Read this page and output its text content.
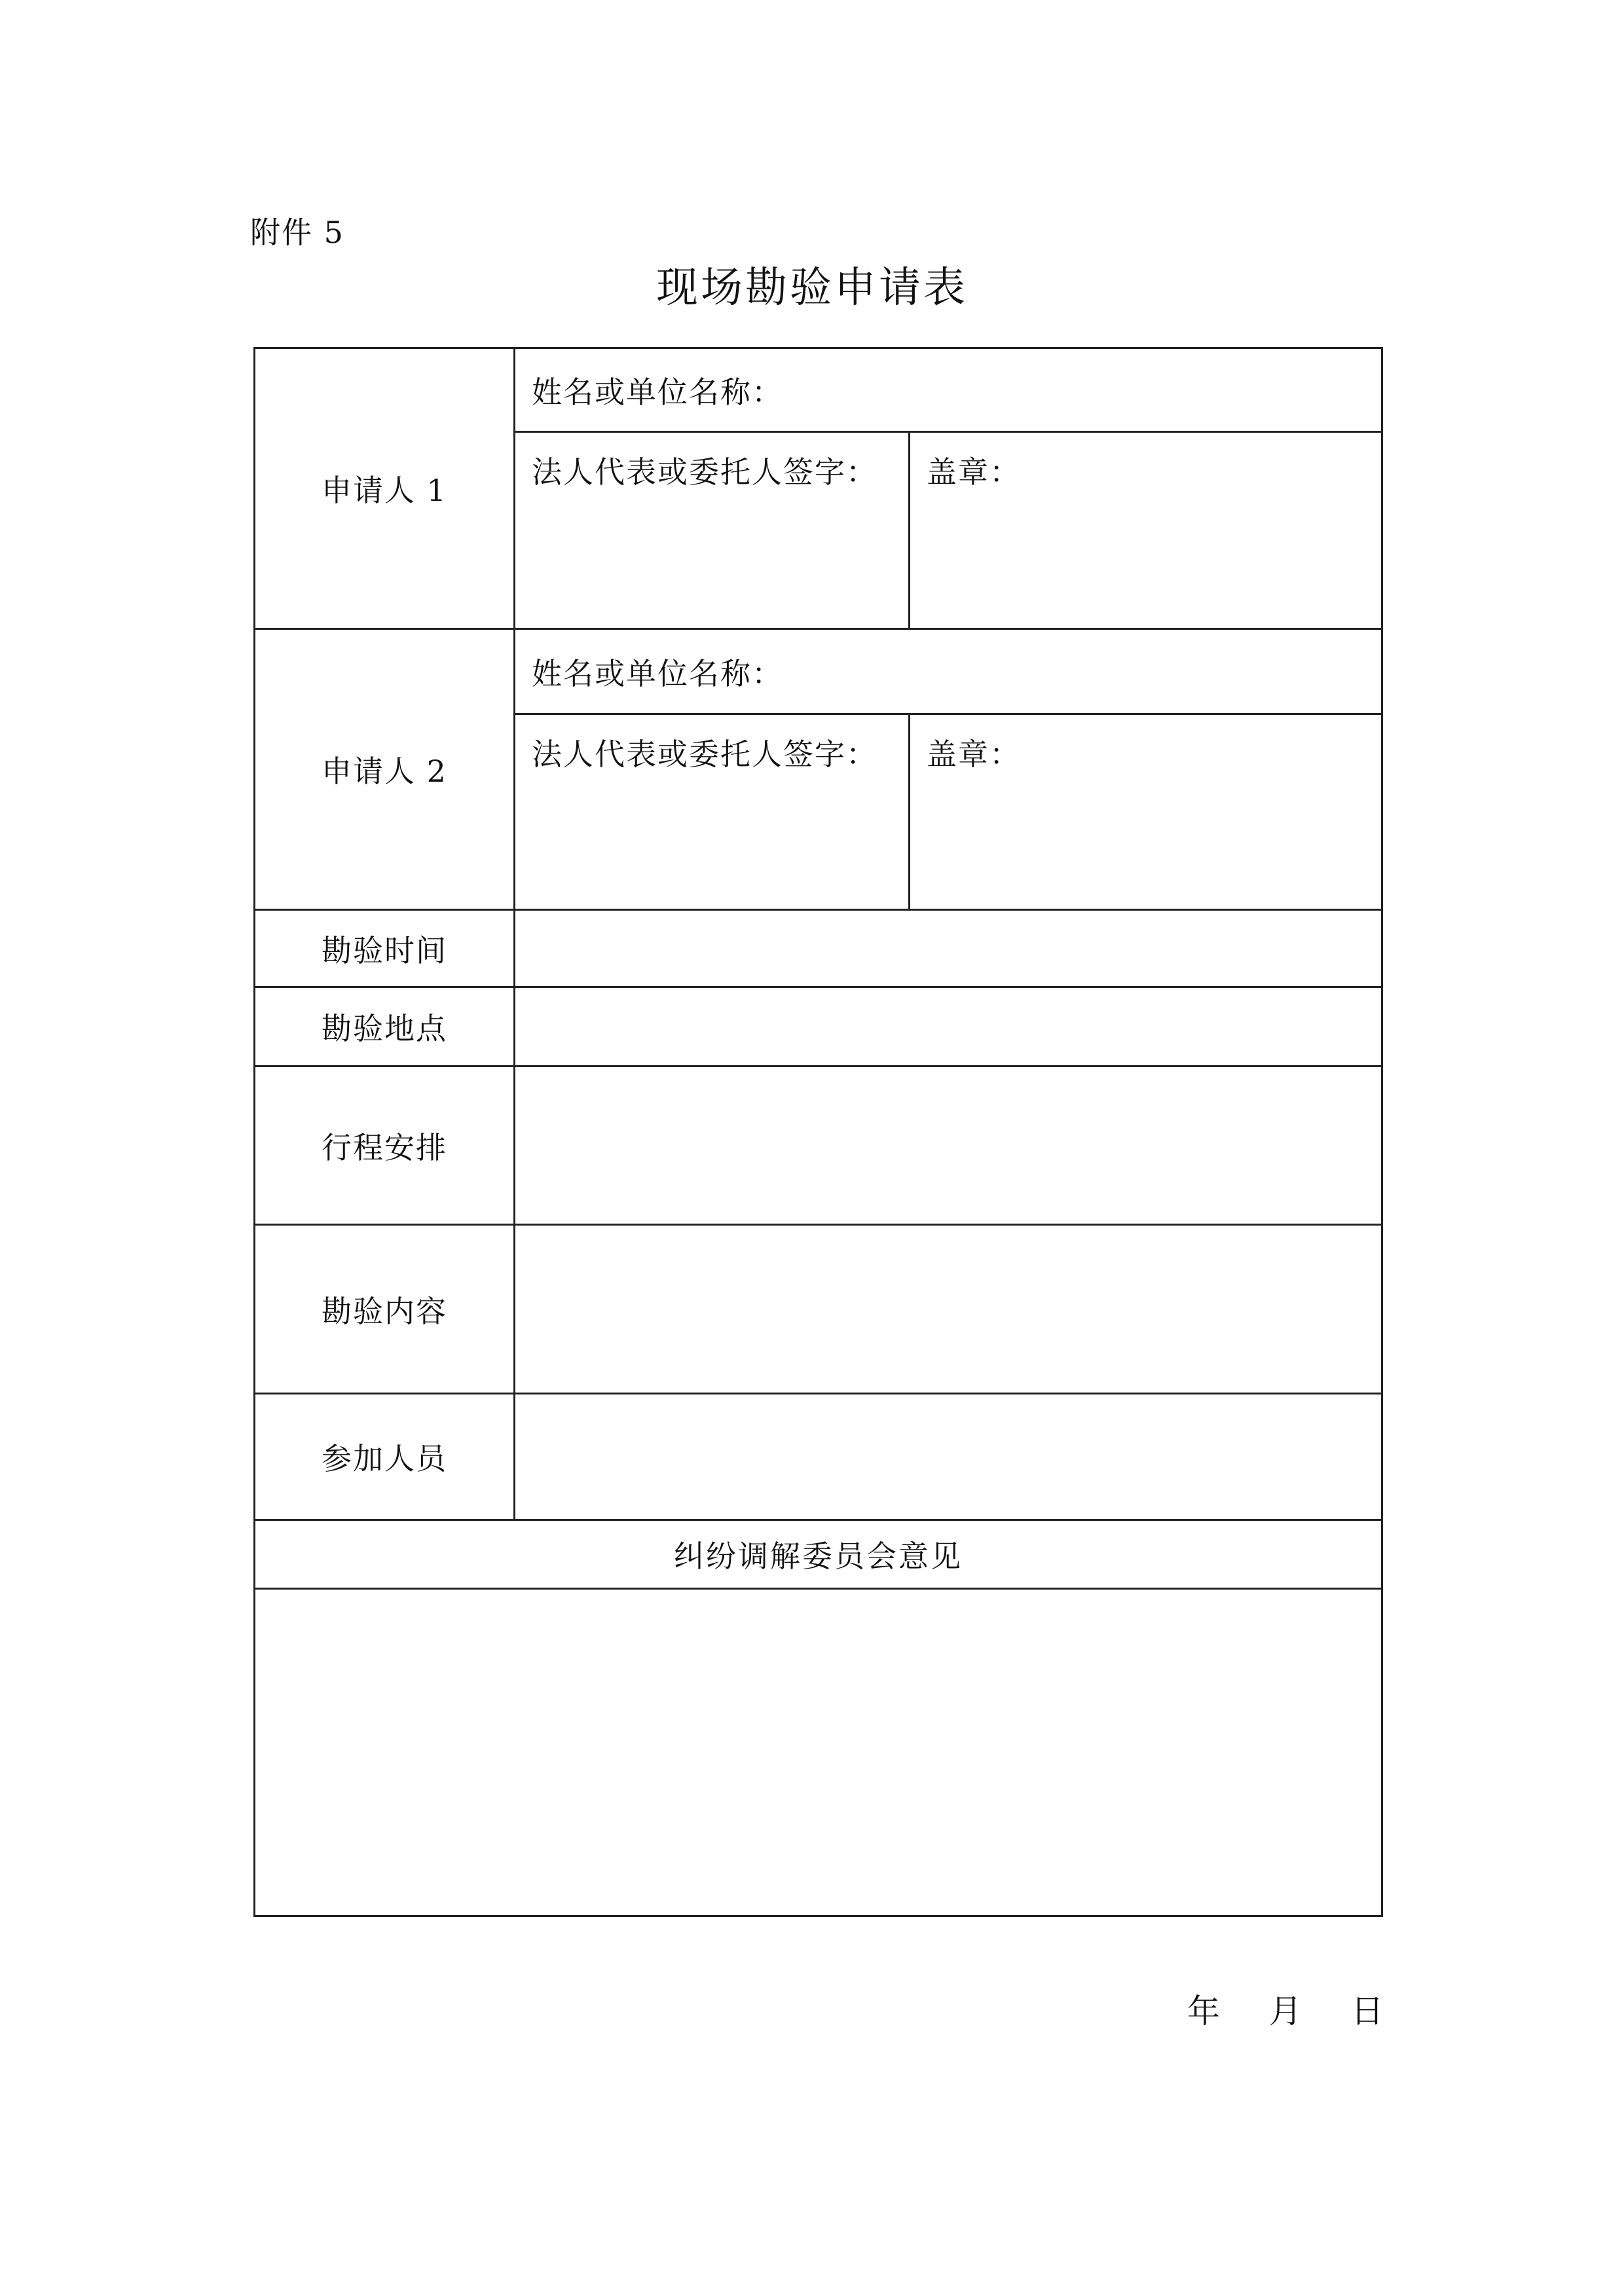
附件 5
现场勘验申请表
申请人 1	姓名或单位名称：	
	法人代表或委托人签字：	盖章：
申请人 2	姓名或单位名称：	
	法人代表或委托人签字：	盖章：
勘验时间		
勘验地点		
行程安排		
勘验内容		
参加人员		
纠纷调解委员会意见		

年	月	日
